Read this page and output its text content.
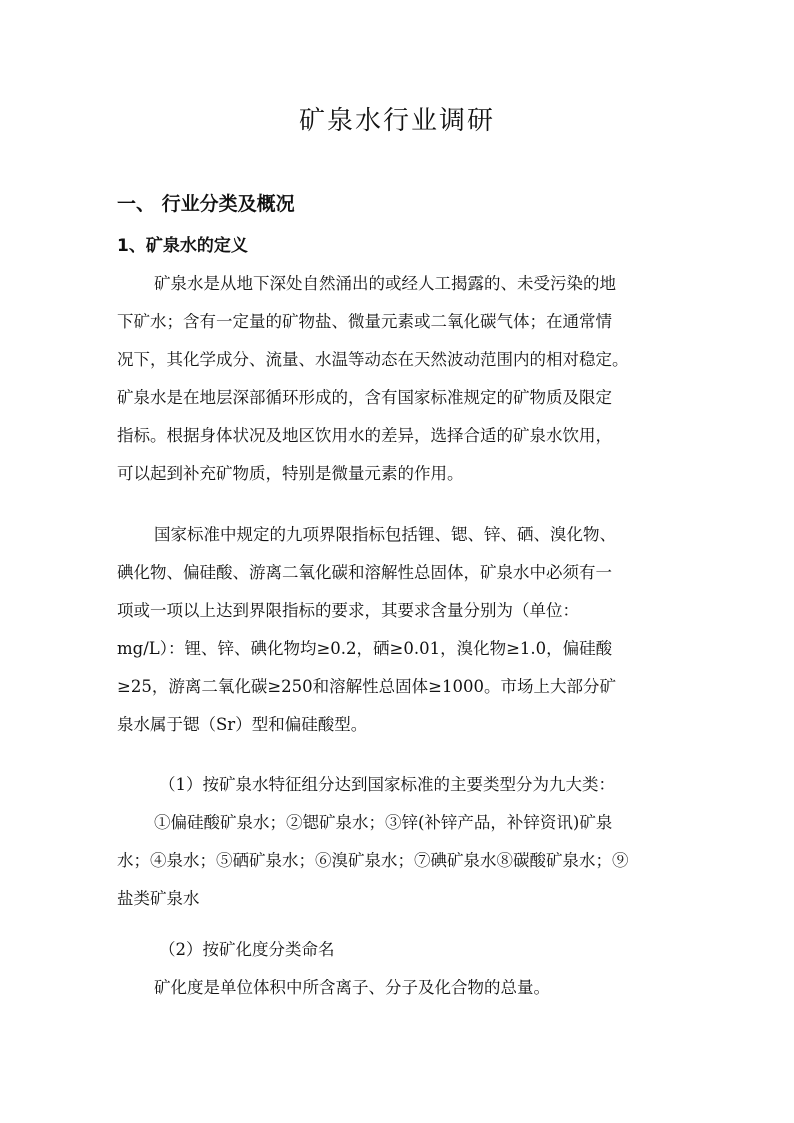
矿泉水行业调研
一、 行业分类及概况
1、矿泉水的定义

矿泉水是从地下深处自然涌出的或经人工揭露的、未受污染的地
下矿水；含有一定量的矿物盐、微量元素或二氧化碳气体；在通常情
况下，其化学成分、流量、水温等动态在天然波动范围内的相对稳定。
矿泉水是在地层深部循环形成的，含有国家标准规定的矿物质及限定
指标。根据身体状况及地区饮用水的差异，选择合适的矿泉水饮用，
可以起到补充矿物质，特别是微量元素的作用。

国家标准中规定的九项界限指标包括锂、锶、锌、硒、溴化物、
碘化物、偏硅酸、游离二氧化碳和溶解性总固体，矿泉水中必须有一
项或一项以上达到界限指标的要求，其要求含量分别为（单位：
mg/L）：锂、锌、碘化物均≥0.2，硒≥0.01，溴化物≥1.0，偏硅酸
≥25，游离二氧化碳≥250和溶解性总固体≥1000。市场上大部分矿
泉水属于锶（Sr）型和偏硅酸型。

（1）按矿泉水特征组分达到国家标准的主要类型分为九大类：

①偏硅酸矿泉水；②锶矿泉水；③锌(补锌产品，补锌资讯)矿泉
水；④泉水；⑤硒矿泉水；⑥溴矿泉水；⑦碘矿泉水⑧碳酸矿泉水；⑨
盐类矿泉水

（2）按矿化度分类命名

矿化度是单位体积中所含离子、分子及化合物的总量。
